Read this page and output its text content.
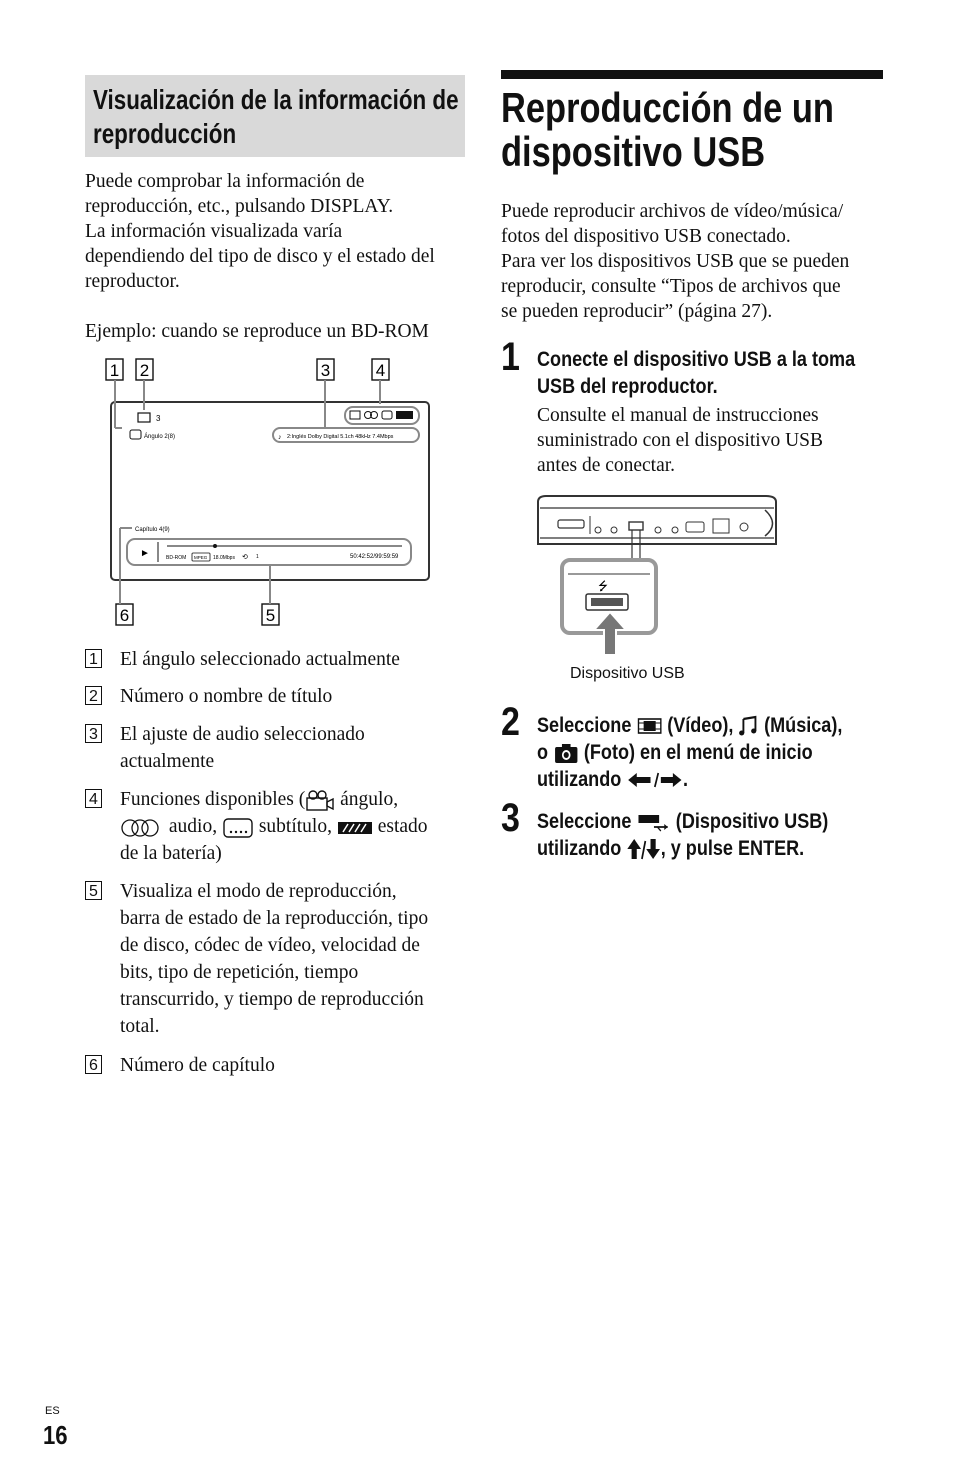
Visualización de la información de reproducción
Puede comprobar la información de
reproducción, etc., pulsando DISPLAY.
La información visualizada varía
dependiendo del tipo de disco y el estado del
reproductor.
Ejemplo: cuando se reproduce un BD-ROM
1 2	3	4
6	5
3
Ángulo 2(8)	♪ 2:Inglés Dolby Digital 5.1ch 48kHz 7.4Mbps
Capítulo 4(9)
►	BD-ROM MPEG 18.0Mbps ⟲ 1	50:42:52/99:59:59
1 El ángulo seleccionado actualmente
2 Número o nombre de título
3 El ajuste de audio seleccionado
actualmente
4 Funciones disponibles ( ángulo,
audio,  subtítulo,  estado
de la batería)
5 Visualiza el modo de reproducción,
barra de estado de la reproducción, tipo
de disco, códec de vídeo, velocidad de
bits, tipo de repetición, tiempo
transcurrido, y tiempo de reproducción
total.
6 Número de capítulo
Reproducción de un
dispositivo USB
Puede reproducir archivos de vídeo/música/
fotos del dispositivo USB conectado.
Para ver los dispositivos USB que se pueden
reproducir, consulte “Tipos de archivos que
se pueden reproducir” (página 27).
1 Conecte el dispositivo USB a la toma
USB del reproductor.
Consulte el manual de instrucciones
suministrado con el dispositivo USB
antes de conectar.
⭍
Dispositivo USB
2 Seleccione  (Vídeo),  (Música),
o  (Foto) en el menú de inicio
utilizando	.
3 Seleccione  (Dispositivo USB)
utilizando , y pulse ENTER.
ES
16
